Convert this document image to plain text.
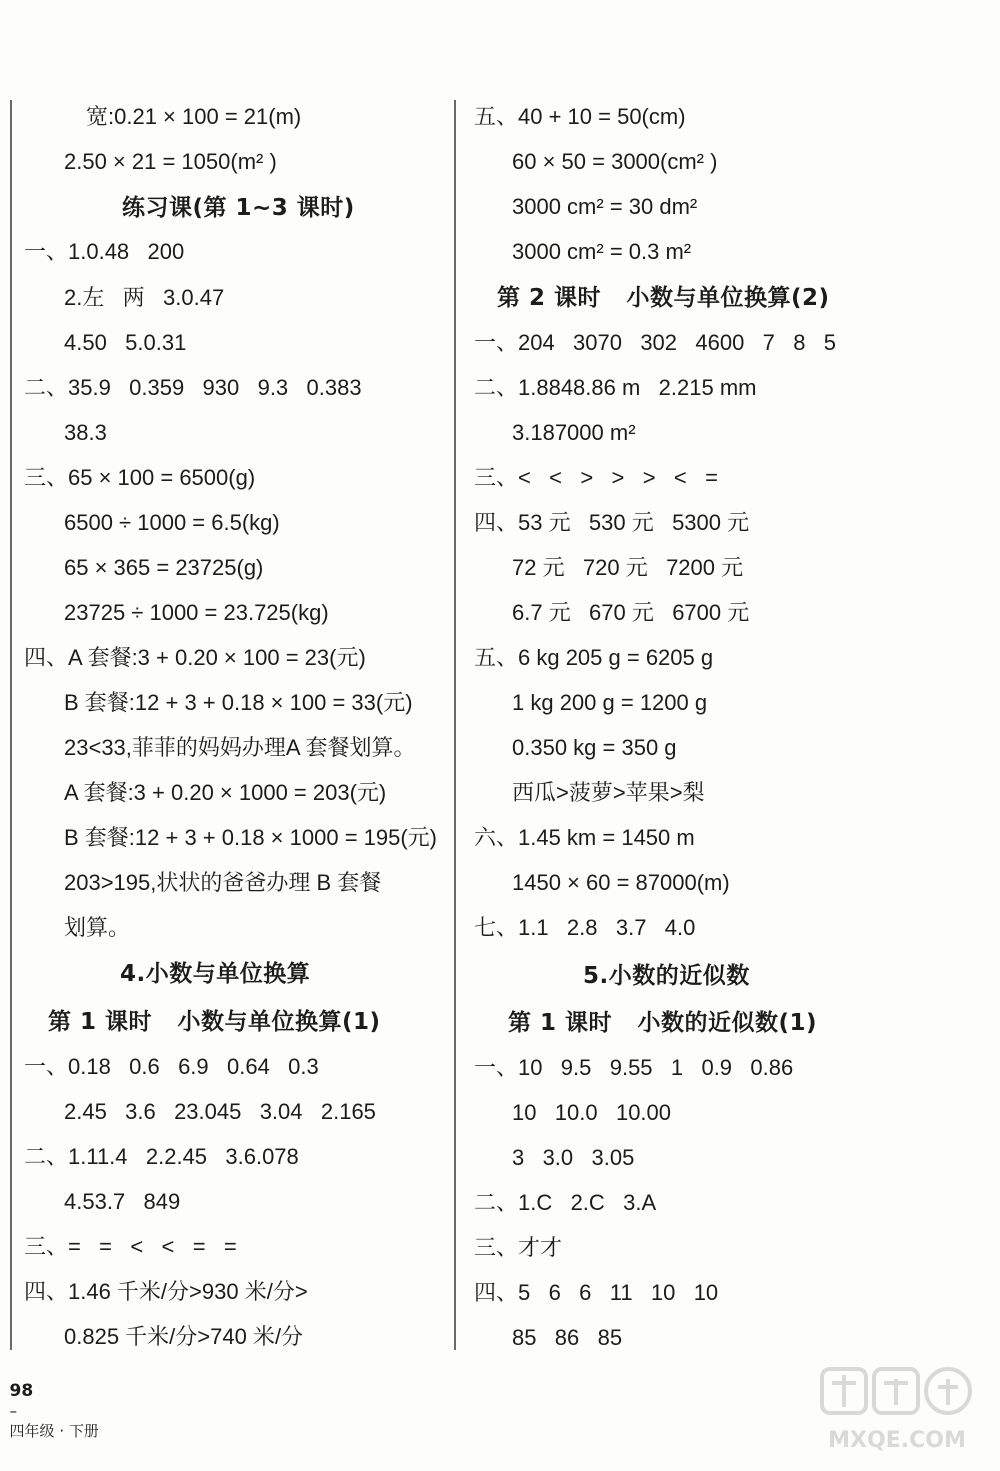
宽:0.21 × 100 = 21(m)
2.50 × 21 = 1050(m² )
练习课(第 1~3 课时)
一、1.0.48   200
2.左   两   3.0.47
4.50   5.0.31
二、35.9   0.359   930   9.3   0.383
38.3
三、65 × 100 = 6500(g)
6500 ÷ 1000 = 6.5(kg)
65 × 365 = 23725(g)
23725 ÷ 1000 = 23.725(kg)
四、A 套餐:3 + 0.20 × 100 = 23(元)
B 套餐:12 + 3 + 0.18 × 100 = 33(元)
23<33,菲菲的妈妈办理A 套餐划算。
A 套餐:3 + 0.20 × 1000 = 203(元)
B 套餐:12 + 3 + 0.18 × 1000 = 195(元)
203>195,状状的爸爸办理 B 套餐
划算。
4.小数与单位换算
第 1 课时   小数与单位换算(1)
一、0.18   0.6   6.9   0.64   0.3
2.45   3.6   23.045   3.04   2.165
二、1.11.4   2.2.45   3.6.078
4.53.7   849
三、=   =   <   <   =   =
四、1.46 千米/分>930 米/分>
0.825 千米/分>740 米/分
五、40 + 10 = 50(cm)
60 × 50 = 3000(cm² )
3000 cm² = 30 dm²
3000 cm² = 0.3 m²
第 2 课时   小数与单位换算(2)
一、204   3070   302   4600   7   8   5
二、1.8848.86 m   2.215 mm
3.187000 m²
三、<   <   >   >   >   <   =
四、53 元   530 元   5300 元
72 元   720 元   7200 元
6.7 元   670 元   6700 元
五、6 kg 205 g = 6205 g
1 kg 200 g = 1200 g
0.350 kg = 350 g
西瓜>菠萝>苹果>梨
六、1.45 km = 1450 m
1450 × 60 = 87000(m)
七、1.1   2.8   3.7   4.0
5.小数的近似数
第 1 课时   小数的近似数(1)
一、10   9.5   9.55   1   0.9   0.86
10   10.0   10.00
3   3.0   3.05
二、1.C   2.C   3.A
三、才才
四、5   6   6   11   10   10
85   86   85

98
–
四年级 · 下册	MXQE.COM
